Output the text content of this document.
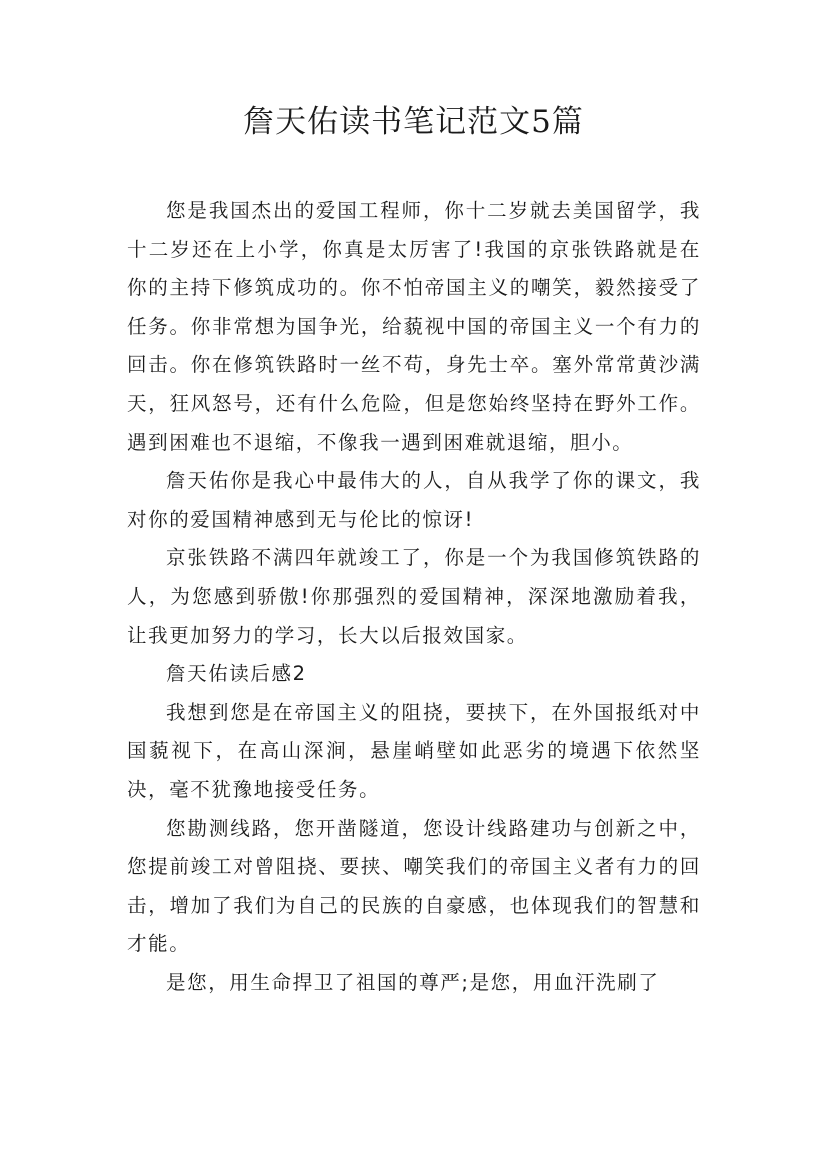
詹天佑读书笔记范文5篇

您是我国杰出的爱国工程师，你十二岁就去美国留学，我十二岁还在上小学，你真是太厉害了!我国的京张铁路就是在你的主持下修筑成功的。你不怕帝国主义的嘲笑，毅然接受了任务。你非常想为国争光，给藐视中国的帝国主义一个有力的回击。你在修筑铁路时一丝不苟，身先士卒。塞外常常黄沙满天，狂风怒号，还有什么危险，但是您始终坚持在野外工作。遇到困难也不退缩，不像我一遇到困难就退缩，胆小。

詹天佑你是我心中最伟大的人，自从我学了你的课文，我对你的爱国精神感到无与伦比的惊讶!

京张铁路不满四年就竣工了，你是一个为我国修筑铁路的人，为您感到骄傲!你那强烈的爱国精神，深深地激励着我，让我更加努力的学习，长大以后报效国家。

詹天佑读后感2

我想到您是在帝国主义的阻挠，要挟下，在外国报纸对中国藐视下，在高山深涧，悬崖峭壁如此恶劣的境遇下依然坚决，毫不犹豫地接受任务。

您勘测线路，您开凿隧道，您设计线路建功与创新之中，您提前竣工对曾阻挠、要挟、嘲笑我们的帝国主义者有力的回击，增加了我们为自己的民族的自豪感，也体现我们的智慧和才能。

是您，用生命捍卫了祖国的尊严;是您，用血汗洗刷了
